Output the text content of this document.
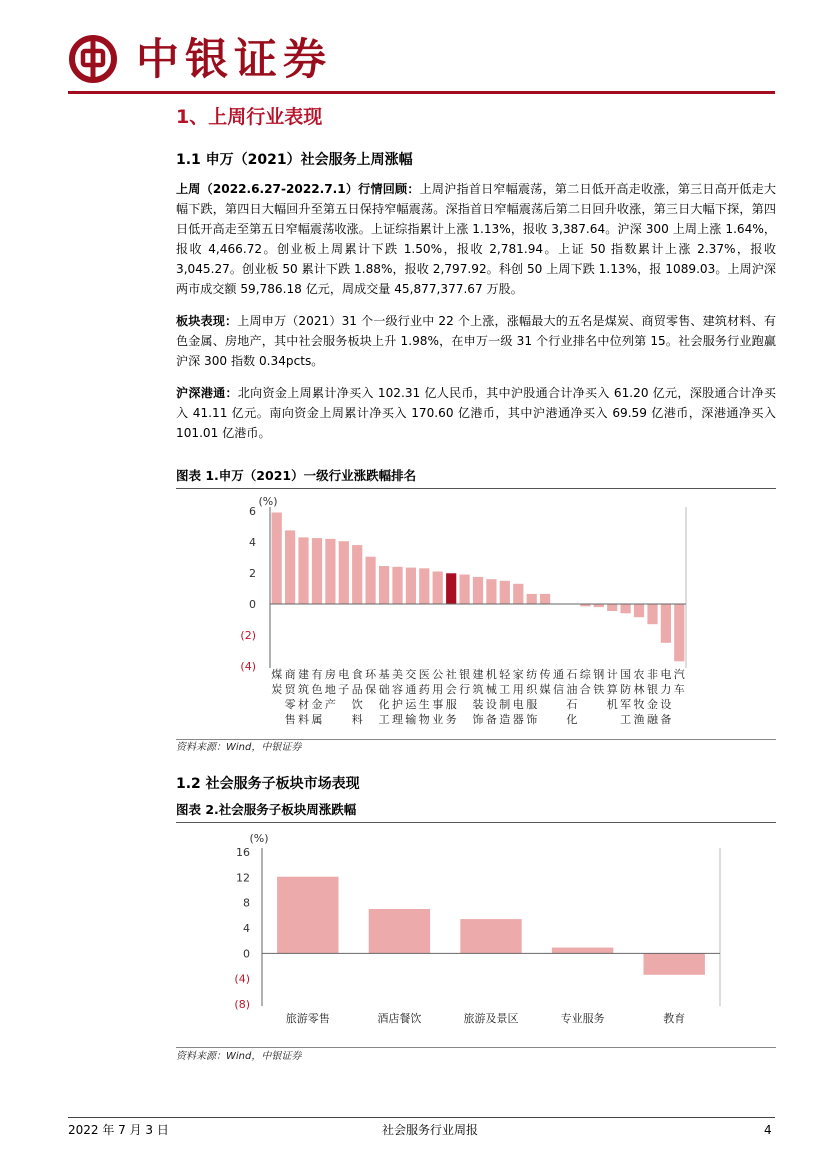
中银证券
1、上周行业表现
1.1 申万（2021）社会服务上周涨幅
上周（2022.6.27-2022.7.1）行情回顾：上周沪指首日窄幅震荡，第二日低开高走收涨，第三日高开低走大幅下跌，第四日大幅回升至第五日保持窄幅震荡。深指首日窄幅震荡后第二日回升收涨，第三日大幅下探，第四日低开高走至第五日窄幅震荡收涨。上证综指累计上涨 1.13%，报收 3,387.64。沪深 300 上周上涨 1.64%，报收 4,466.72。创业板上周累计下跌 1.50%，报收 2,781.94。上证 50 指数累计上涨 2.37%，报收 3,045.27。创业板 50 累计下跌 1.88%，报收 2,797.92。科创 50 上周下跌 1.13%，报 1089.03。上周沪深两市成交额 59,786.18 亿元，周成交量 45,877,377.67 万股。
板块表现：上周申万（2021）31 个一级行业中 22 个上涨，涨幅最大的五名是煤炭、商贸零售、建筑材料、有色金属、房地产，其中社会服务板块上升 1.98%，在申万一级 31 个行业排名中位列第 15。社会服务行业跑赢沪深 300 指数 0.34pcts。
沪深港通：北向资金上周累计净买入 102.31 亿人民币，其中沪股通合计净买入 61.20 亿元，深股通合计净买入 41.11 亿元。南向资金上周累计净买入 170.60 亿港币，其中沪港通净买入 69.59 亿港币，深港通净买入 101.01 亿港币。
图表 1.申万（2021）一级行业涨跌幅排名
(%)
6
4
2
0
(2)
(4)
煤炭
商贸零售
建筑材料
有色金属
房地产
电子
食品饮料
环保
基础化工
美容护理
交通运输
医药生物
公用事业
社会服务
银行
建筑装饰
机械设备
轻工制造
家用电器
纺织服饰
传媒
通信
石油石化
综合
钢铁
计算机
国防军工
农林牧渔
非银金融
电力设备
汽车
资料来源：Wind，中银证券
1.2 社会服务子板块市场表现
图表 2.社会服务子板块周涨跌幅
(%)
16
12
8
4
0
(4)
(8)
旅游零售	酒店餐饮	旅游及景区	专业服务	教育
资料来源：Wind，中银证券
2022 年 7 月 3 日	社会服务行业周报	4
